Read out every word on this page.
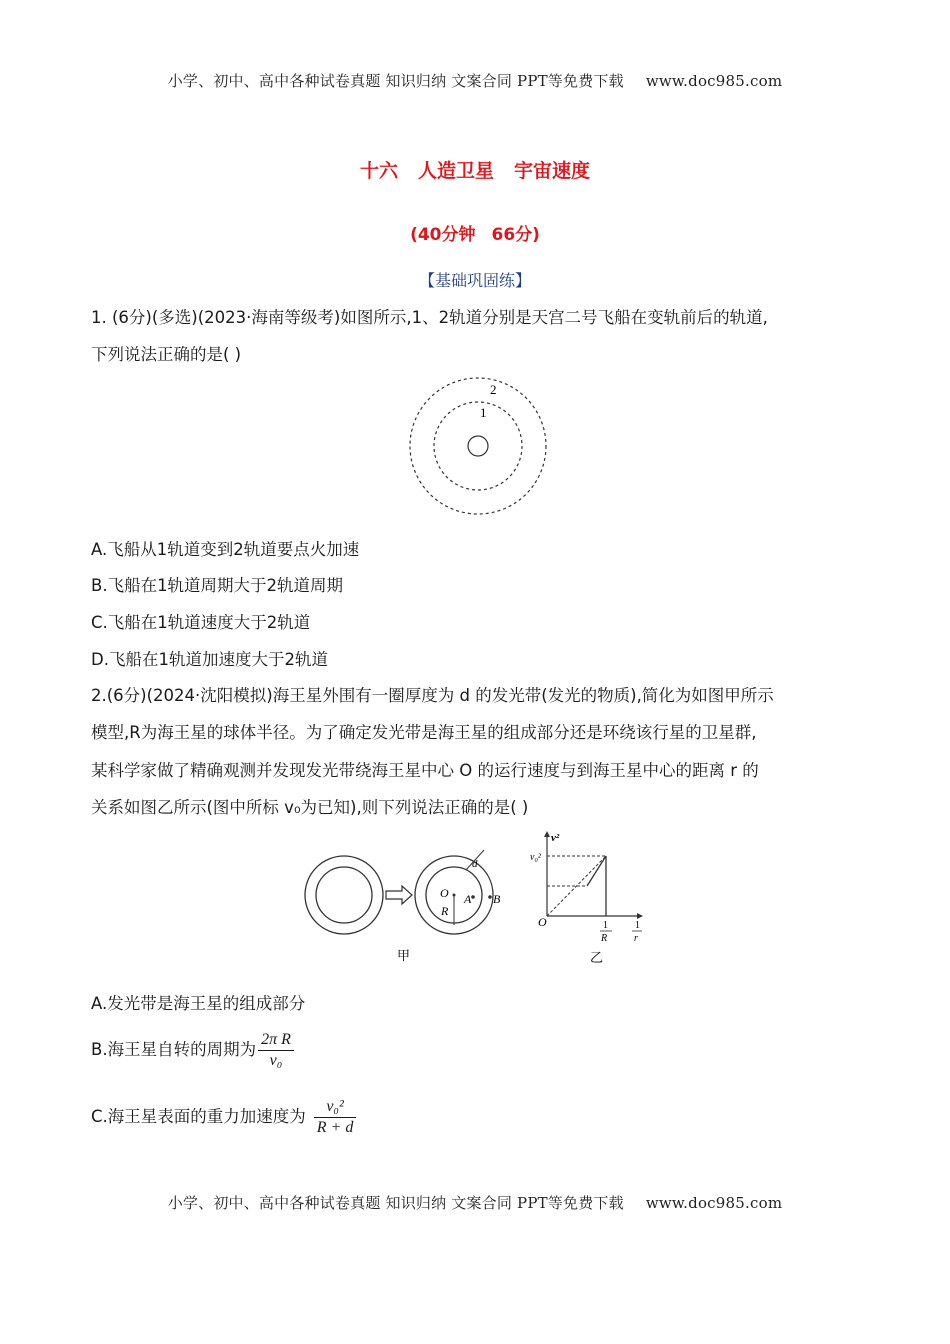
小学、初中、高中各种试卷真题 知识归纳 文案合同 PPT等免费下载 www.doc985.com
十六 人造卫星 宇宙速度
(40分钟 66分)
【基础巩固练】
1. (6分)(多选)(2023·海南等级考)如图所示,1、2轨道分别是天宫二号飞船在变轨前后的轨道,
下列说法正确的是( )
2
1
A.飞船从1轨道变到2轨道要点火加速
B.飞船在1轨道周期大于2轨道周期
C.飞船在1轨道速度大于2轨道
D.飞船在1轨道加速度大于2轨道
2.(6分)(2024·沈阳模拟)海王星外围有一圈厚度为 d 的发光带(发光的物质),简化为如图甲所示
模型,R为海王星的球体半径。为了确定发光带是海王星的组成部分还是环绕该行星的卫星群,
某科学家做了精确观测并发现发光带绕海王星中心 O 的运行速度与到海王星中心的距离 r 的
关系如图乙所示(图中所标 v₀为已知),则下列说法正确的是( )
O
R
A B
d
甲
v²
v₀²
O	1
R
1
r
乙
A.发光带是海王星的组成部分
B.海王星自转的周期为 $\frac{\text{2π R}}{\text{v₀}}$
C.海王星表面的重力加速度为 $\frac{\text{v₀²}}{R + d}$
小学、初中、高中各种试卷真题 知识归纳 文案合同 PPT等免费下载 www.doc985.com
